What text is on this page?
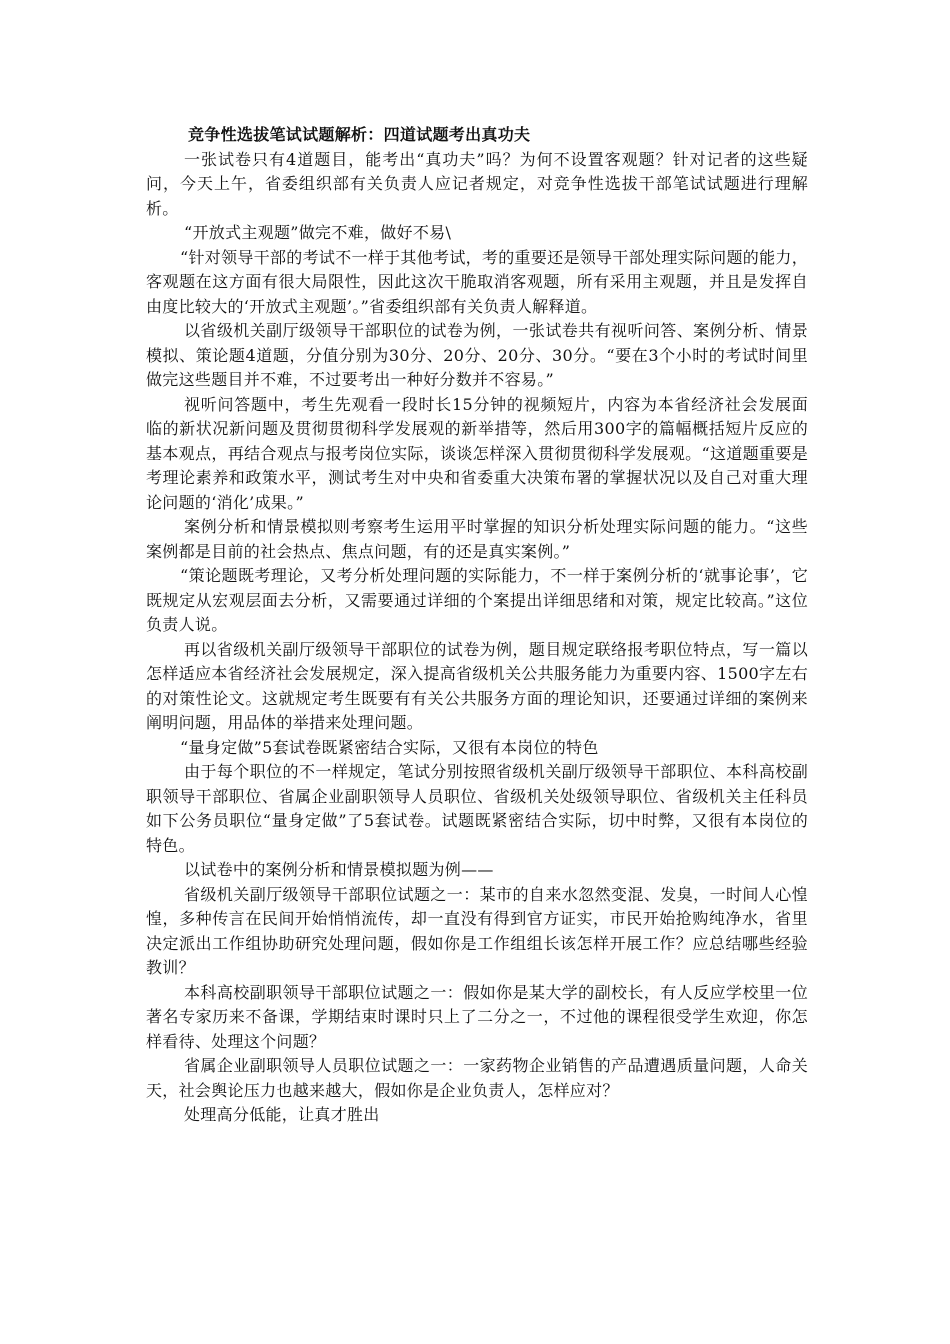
竞争性选拔笔试试题解析：四道试题考出真功夫

一张试卷只有4道题目，能考出“真功夫”吗？为何不设置客观题？针对记者的这些疑问，今天上午，省委组织部有关负责人应记者规定，对竞争性选拔干部笔试试题进行理解析。

“开放式主观题”做完不难，做好不易\

“针对领导干部的考试不一样于其他考试，考的重要还是领导干部处理实际问题的能力，客观题在这方面有很大局限性，因此这次干脆取消客观题，所有采用主观题，并且是发挥自由度比较大的‘开放式主观题’。”省委组织部有关负责人解释道。

以省级机关副厅级领导干部职位的试卷为例，一张试卷共有视听问答、案例分析、情景模拟、策论题4道题，分值分别为30分、20分、20分、30分。“要在3个小时的考试时间里做完这些题目并不难，不过要考出一种好分数并不容易。”

视听问答题中，考生先观看一段时长15分钟的视频短片，内容为本省经济社会发展面临的新状况新问题及贯彻贯彻科学发展观的新举措等，然后用300字的篇幅概括短片反应的基本观点，再结合观点与报考岗位实际，谈谈怎样深入贯彻贯彻科学发展观。“这道题重要是考理论素养和政策水平，测试考生对中央和省委重大决策布署的掌握状况以及自己对重大理论问题的‘消化’成果。”

案例分析和情景模拟则考察考生运用平时掌握的知识分析处理实际问题的能力。“这些案例都是目前的社会热点、焦点问题，有的还是真实案例。”

“策论题既考理论，又考分析处理问题的实际能力，不一样于案例分析的‘就事论事’，它既规定从宏观层面去分析，又需要通过详细的个案提出详细思绪和对策，规定比较高。”这位负责人说。

再以省级机关副厅级领导干部职位的试卷为例，题目规定联络报考职位特点，写一篇以怎样适应本省经济社会发展规定，深入提高省级机关公共服务能力为重要内容、1500字左右的对策性论文。这就规定考生既要有有关公共服务方面的理论知识，还要通过详细的案例来阐明问题，用品体的举措来处理问题。

“量身定做”5套试卷既紧密结合实际，又很有本岗位的特色

由于每个职位的不一样规定，笔试分别按照省级机关副厅级领导干部职位、本科高校副职领导干部职位、省属企业副职领导人员职位、省级机关处级领导职位、省级机关主任科员如下公务员职位“量身定做”了5套试卷。试题既紧密结合实际，切中时弊，又很有本岗位的特色。

以试卷中的案例分析和情景模拟题为例——

省级机关副厅级领导干部职位试题之一：某市的自来水忽然变混、发臭，一时间人心惶惶，多种传言在民间开始悄悄流传，却一直没有得到官方证实，市民开始抢购纯净水，省里决定派出工作组协助研究处理问题，假如你是工作组组长该怎样开展工作？应总结哪些经验教训？

本科高校副职领导干部职位试题之一：假如你是某大学的副校长，有人反应学校里一位著名专家历来不备课，学期结束时课时只上了二分之一，不过他的课程很受学生欢迎，你怎样看待、处理这个问题？

省属企业副职领导人员职位试题之一：一家药物企业销售的产品遭遇质量问题，人命关天，社会舆论压力也越来越大，假如你是企业负责人，怎样应对？

处理高分低能，让真才胜出
